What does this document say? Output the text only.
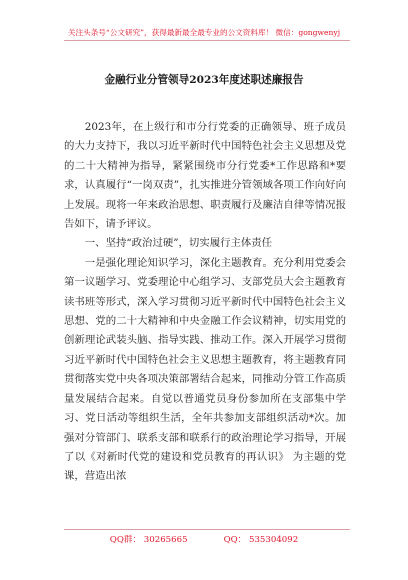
关注头条号“公文研究”，获得最新最全最专业的公文资料库！ 微信：gongwenyj
金融行业分管领导2023年度述职述廉报告

2023年，在上级行和市分行党委的正确领导、班子成员的大力支持下，我以习近平新时代中国特色社会主义思想及党的二十大精神为指导，紧紧围绕市分行党委*工作思路和*要求，认真履行“一岗双责”，扎实推进分管领域各项工作向好向上发展。现将一年来政治思想、职责履行及廉洁自律等情况报告如下，请予评议。

一、坚持“政治过硬”，切实履行主体责任

一是强化理论知识学习，深化主题教育。充分利用党委会第一议题学习、党委理论中心组学习、支部党员大会主题教育读书班等形式，深入学习贯彻习近平新时代中国特色社会主义思想、党的二十大精神和中央金融工作会议精神，切实用党的创新理论武装头脑、指导实践、推动工作。深入开展学习贯彻习近平新时代中国特色社会主义思想主题教育，将主题教育同贯彻落实党中央各项决策部署结合起来，同推动分管工作高质量发展结合起来。自觉以普通党员身份参加所在支部集中学习、党日活动等组织生活，全年共参加支部组织活动*次。加强对分管部门、联系支部和联系行的政治理论学习指导，开展了以《对新时代党的建设和党员教育的再认识》 为主题的党课，营造出浓

QQ群： 30265665	QQ： 535304092
